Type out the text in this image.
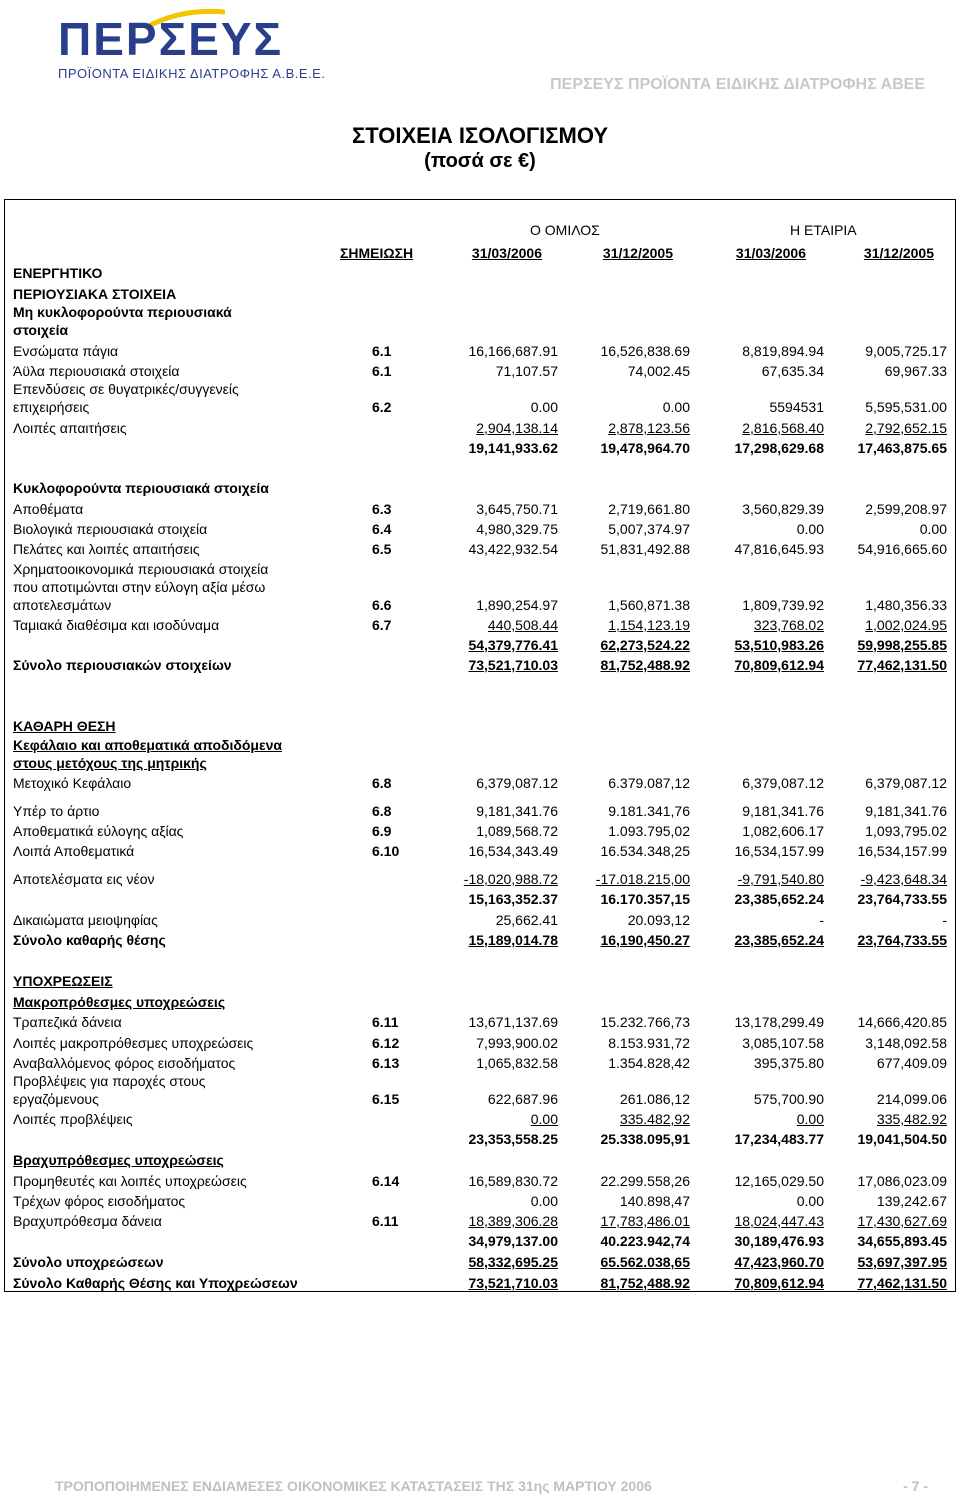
ΠΕΡΣΕΥΣ
ΠΡΟΪΟΝΤΑ ΕΙΔΙΚΗΣ ΔΙΑΤΡΟΦΗΣ Α.Β.Ε.Ε.
ΠΕΡΣΕΥΣ ΠΡΟΪΟΝΤΑ ΕΙΔΙΚΗΣ ΔΙΑΤΡΟΦΗΣ ΑΒΕΕ
ΣΤΟΙΧΕΙΑ ΙΣΟΛΟΓΙΣΜΟΥ
(ποσά σε €)
Ο ΟΜΙΛΟΣ	Η ΕΤΑΙΡΙΑ
ΣΗΜΕΙΩΣΗ	31/03/2006	31/12/2005	31/03/2006	31/12/2005
ΕΝΕΡΓΗΤΙΚΟ
ΠΕΡΙΟΥΣΙΑΚΑ ΣΤΟΙΧΕΙΑ
Μη κυκλοφορούντα περιουσιακά
στοιχεία
Ενσώματα πάγια	6.1	16,166,687.91	16,526,838.69	8,819,894.94	9,005,725.17
Άϋλα περιουσιακά στοιχεία	6.1	71,107.57	74,002.45	67,635.34	69,967.33
Επενδύσεις σε θυγατρικές/συγγενείς
επιχειρήσεις	6.2	0.00	0.00	5594531	5,595,531.00
Λοιπές απαιτήσεις	2,904,138.14	2,878,123.56	2,816,568.40	2,792,652.15
19,141,933.62	19,478,964.70	17,298,629.68 17,463,875.65
Κυκλοφορούντα περιουσιακά στοιχεία
Αποθέματα	6.3	3,645,750.71	2,719,661.80	3,560,829.39	2,599,208.97
Βιολογικά περιουσιακά στοιχεία	6.4	4,980,329.75	5,007,374.97	0.00	0.00
Πελάτες και λοιπές απαιτήσεις	6.5	43,422,932.54	51,831,492.88	47,816,645.93 54,916,665.60
Χρηματοοικονομικά περιουσιακά στοιχεία
που αποτιμώνται στην εύλογη αξία μέσω
αποτελεσμάτων	6.6	1,890,254.97	1,560,871.38	1,809,739.92	1,480,356.33
Ταμιακά διαθέσιμα και ισοδύναμα	6.7	440,508.44	1,154,123.19	323,768.02	1,002,024.95
54,379,776.41	62,273,524.22	53,510,983.26 59,998,255.85
Σύνολο περιουσιακών στοιχείων	73,521,710.03	81,752,488.92	70,809,612.94 77,462,131.50
ΚΑΘΑΡΗ ΘΕΣΗ
Κεφάλαιο και αποθεματικά αποδιδόμενα
στους μετόχους της μητρικής
Μετοχικό Κεφάλαιο	6.8	6,379,087.12	6.379.087,12	6,379,087.12	6,379,087.12
Υπέρ το άρτιο	6.8	9,181,341.76	9.181.341,76	9,181,341.76	9,181,341.76
Αποθεματικά εύλογης αξίας	6.9	1,089,568.72	1.093.795,02	1,082,606.17	1,093,795.02
Λοιπά Αποθεματικά	6.10	16,534,343.49	16.534.348,25	16,534,157.99 16,534,157.99
Αποτελέσματα εις νέον	-18,020,988.72	-17.018.215,00	-9,791,540.80	-9,423,648.34
15,163,352.37	16.170.357,15	23,385,652.24 23,764,733.55
Δικαιώματα μειοψηφίας	25,662.41	20.093,12	-	-
Σύνολο καθαρής θέσης	15,189,014.78	16,190,450.27	23,385,652.24 23,764,733.55
ΥΠΟΧΡΕΩΣΕΙΣ
Μακροπρόθεσμες υποχρεώσεις
Τραπεζικά δάνεια	6.11	13,671,137.69	15.232.766,73	13,178,299.49 14,666,420.85
Λοιπές μακροπρόθεσμες υποχρεώσεις	6.12	7,993,900.02	8.153.931,72	3,085,107.58	3,148,092.58
Αναβαλλόμενος φόρος εισοδήματος	6.13	1,065,832.58	1.354.828,42	395,375.80	677,409.09
Προβλέψεις για παροχές στους
εργαζόμενους	6.15	622,687.96	261.086,12	575,700.90	214,099.06
Λοιπές προβλέψεις	0.00	335.482,92	0.00	335,482.92
23,353,558.25	25.338.095,91	17,234,483.77 19,041,504.50
Βραχυπρόθεσμες υποχρεώσεις
Προμηθευτές και λοιπές υποχρεώσεις	6.14	16,589,830.72	22.299.558,26	12,165,029.50 17,086,023.09
Τρέχων φόρος εισοδήματος	0.00	140.898,47	0.00	139,242.67
Βραχυπρόθεσμα δάνεια	6.11	18,389,306.28	17,783,486.01	18,024,447.43 17,430,627.69
34,979,137.00	40.223.942,74	30,189,476.93 34,655,893.45
Σύνολο υποχρεώσεων	58,332,695.25	65.562.038,65	47,423,960.70 53,697,397.95
Σύνολο Καθαρής Θέσης και Υποχρεώσεων	73,521,710.03	81,752,488.92	70,809,612.94 77,462,131.50
ΤΡΟΠΟΠΟΙΗΜΕΝΕΣ ΕΝΔΙΑΜΕΣΕΣ ΟΙΚΟΝΟΜΙΚΕΣ ΚΑΤΑΣΤΑΣΕΙΣ ΤΗΣ 31ης ΜΑΡΤΙΟΥ 2006	- 7 -
